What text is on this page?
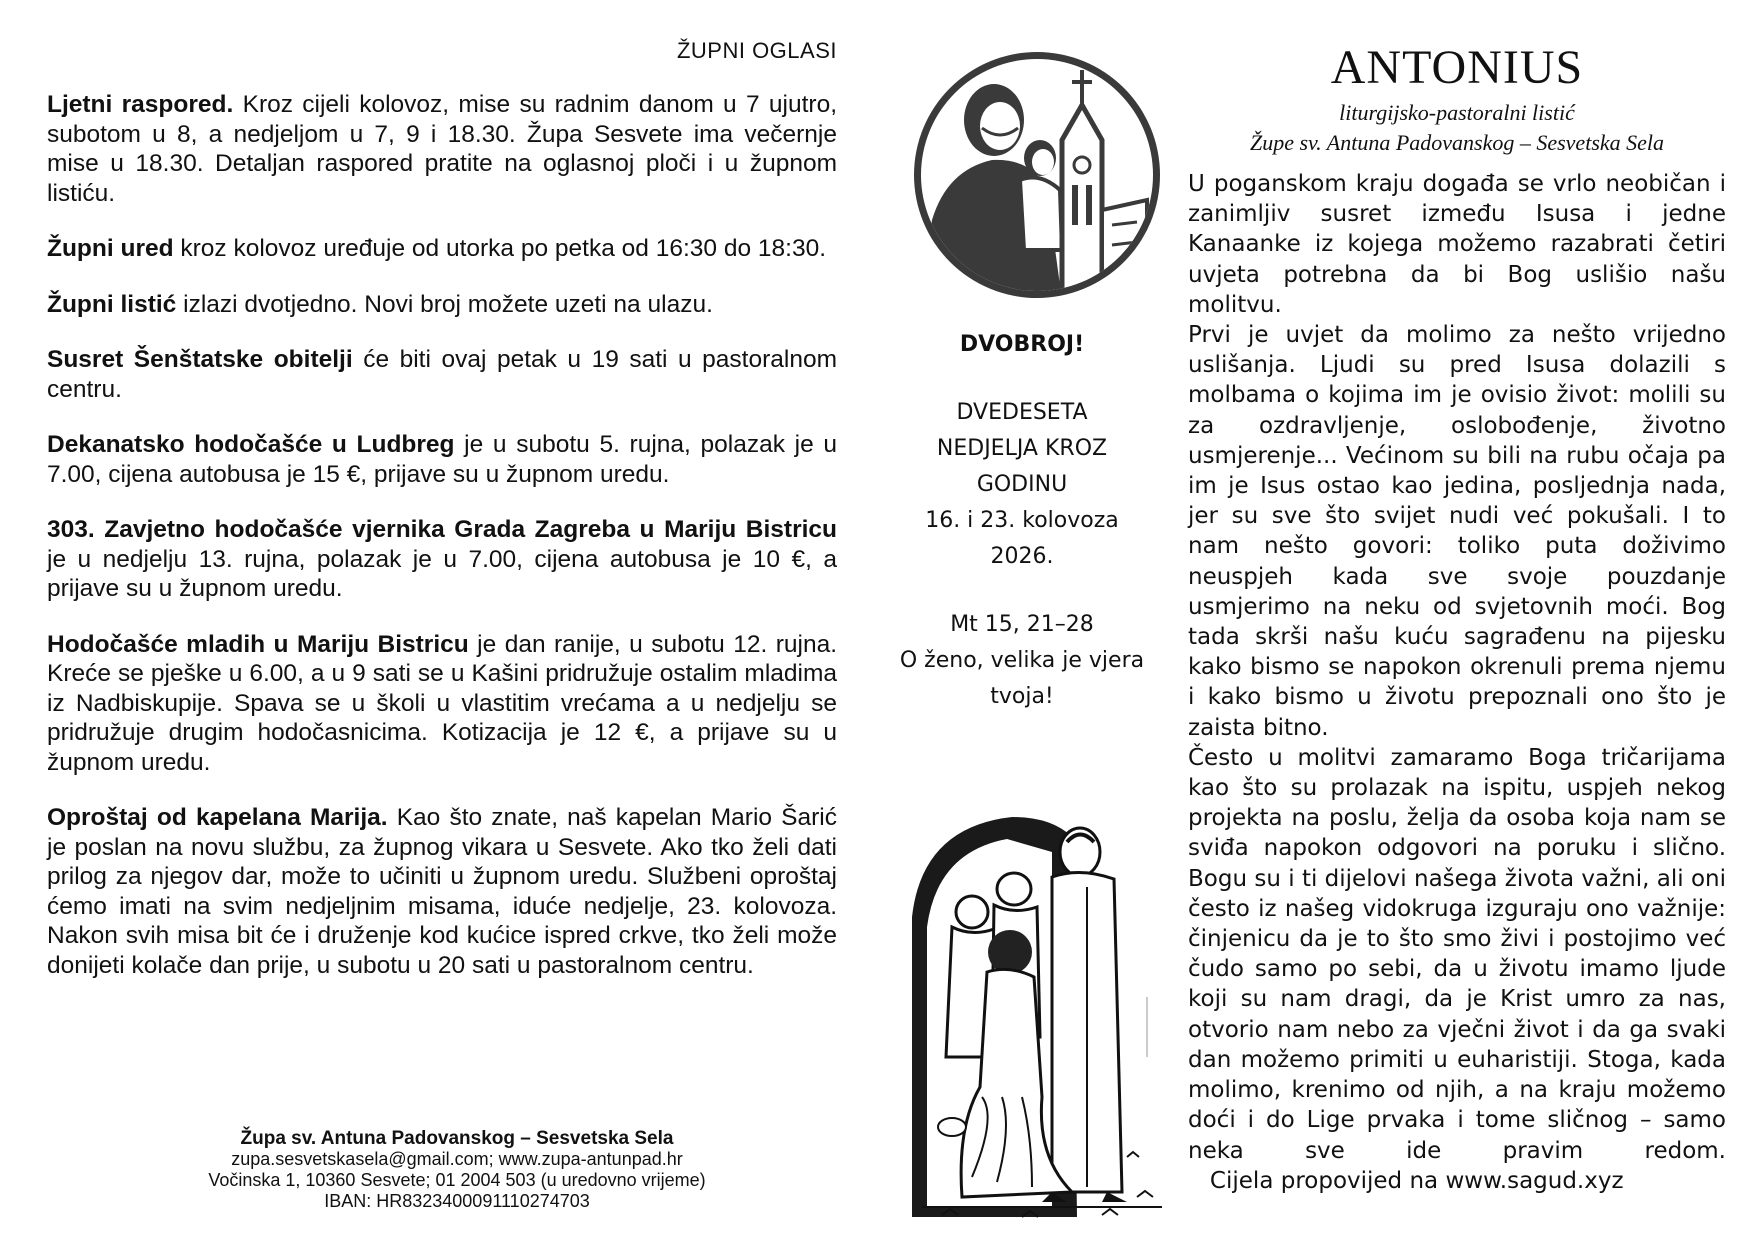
ŽUPNI OGLASI

Ljetni raspored. Kroz cijeli kolovoz, mise su radnim danom u 7 ujutro, subotom u 8, a nedjeljom u 7, 9 i 18.30. Župa Sesvete ima večernje mise u 18.30. Detaljan raspored pratite na oglasnoj ploči i u župnom listiću.

Župni ured kroz kolovoz uređuje od utorka po petka od 16:30 do 18:30.

Župni listić izlazi dvotjedno. Novi broj možete uzeti na ulazu.

Susret Šenštatske obitelji će biti ovaj petak u 19 sati u pastoralnom centru.

Dekanatsko hodočašće u Ludbreg je u subotu 5. rujna, polazak je u 7.00, cijena autobusa je 15 €, prijave su u župnom uredu.

303. Zavjetno hodočašće vjernika Grada Zagreba u Mariju Bistricu je u nedjelju 13. rujna, polazak je u 7.00, cijena autobusa je 10 €, a prijave su u župnom uredu.

Hodočašće mladih u Mariju Bistricu je dan ranije, u subotu 12. rujna. Kreće se pješke u 6.00, a u 9 sati se u Kašini pridružuje ostalim mladima iz Nadbiskupije. Spava se u školi u vlastitim vrećama a u nedjelju se pridružuje drugim hodočasnicima. Kotizacija je 12 €, a prijave su u župnom uredu.

Oproštaj od kapelana Marija. Kao što znate, naš kapelan Mario Šarić je poslan na novu službu, za župnog vikara u Sesvete. Ako tko želi dati prilog za njegov dar, može to učiniti u župnom uredu. Službeni oproštaj ćemo imati na svim nedjeljnim misama, iduće nedjelje, 23. kolovoza. Nakon svih misa bit će i druženje kod kućice ispred crkve, tko želi može donijeti kolače dan prije, u subotu u 20 sati u pastoralnom centru.

Župa sv. Antuna Padovanskog – Sesvetska Sela
zupa.sesvetskasela@gmail.com; www.zupa-antunpad.hr
Vočinska 1, 10360 Sesvete; 01 2004 503 (u uredovno vrijeme)
IBAN: HR8323400091110274703
DVOBROJ!
DVEDESETA
NEDJELJA KROZ
GODINU
16. i 23. kolovoza
2026.
Mt 15, 21–28
O ženo, velika je vjera
tvoja!
ANTONIUS
liturgijsko-pastoralni listić
Župe sv. Antuna Padovanskog – Sesvetska Sela

U poganskom kraju događa se vrlo neobičan i zanimljiv susret između Isusa i jedne Kanaanke iz kojega možemo razabrati četiri uvjeta potrebna da bi Bog uslišio našu molitvu.

Prvi je uvjet da molimo za nešto vrijedno uslišanja. Ljudi su pred Isusa dolazili s molbama o kojima im je ovisio život: molili su za ozdravljenje, oslobođenje, životno usmjerenje... Većinom su bili na rubu očaja pa im je Isus ostao kao jedina, posljednja nada, jer su sve što svijet nudi već pokušali. I to nam nešto govori: toliko puta doživimo neuspjeh kada sve svoje pouzdanje usmjerimo na neku od svjetovnih moći. Bog tada skrši našu kuću sagrađenu na pijesku kako bismo se napokon okrenuli prema njemu i kako bismo u životu prepoznali ono što je zaista bitno.

Često u molitvi zamaramo Boga tričarijama kao što su prolazak na ispitu, uspjeh nekog projekta na poslu, želja da osoba koja nam se sviđa napokon odgovori na poruku i slično. Bogu su i ti dijelovi našega života važni, ali oni često iz našeg vidokruga izguraju ono važnije: činjenicu da je to što smo živi i postojimo već čudo samo po sebi, da u životu imamo ljude koji su nam dragi, da je Krist umro za nas, otvorio nam nebo za vječni život i da ga svaki dan možemo primiti u euharistiji. Stoga, kada molimo, krenimo od njih, a na kraju možemo doći i do Lige prvaka i tome sličnog – samo neka sve ide pravim redom.   Cijela propovijed na www.sagud.xyz
